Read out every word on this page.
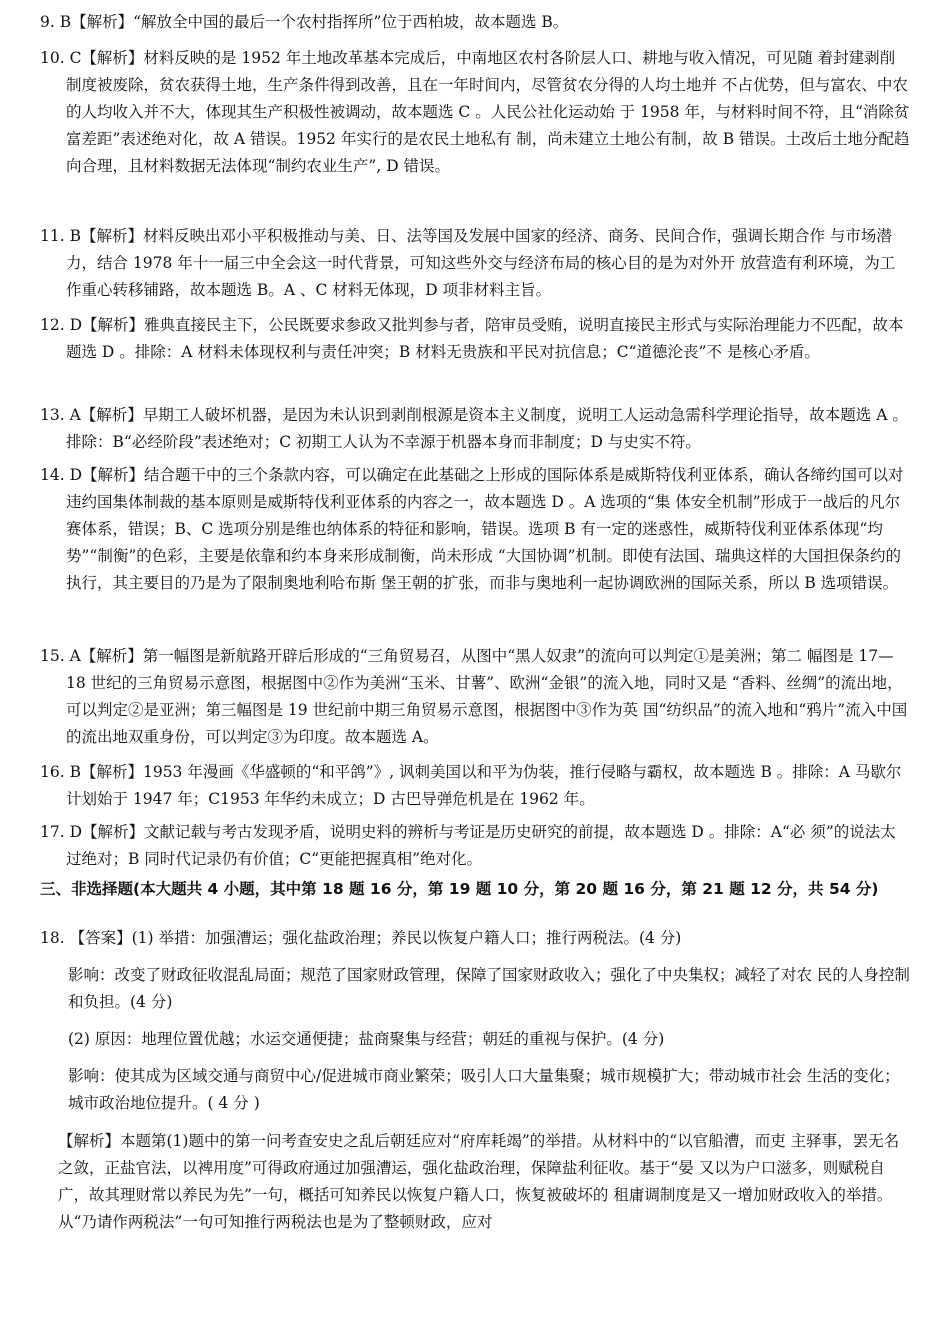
9. B【解析】“解放全中国的最后一个农村指挥所”位于西柏坡，故本题选 B。

10. C【解析】材料反映的是 1952 年土地改革基本完成后，中南地区农村各阶层人口、耕地与收入情况，可见随 着封建剥削制度被废除，贫农获得土地，生产条件得到改善，且在一年时间内，尽管贫农分得的人均土地并 不占优势，但与富农、中农的人均收入并不大，体现其生产积极性被调动，故本题选 C 。人民公社化运动始 于 1958 年，与材料时间不符，且“消除贫富差距”表述绝对化，故 A 错误。1952 年实行的是农民土地私有 制，尚未建立土地公有制，故 B 错误。土改后土地分配趋向合理，且材料数据无法体现“制约农业生产”, D 错误。

11. B【解析】材料反映出邓小平积极推动与美、日、法等国及发展中国家的经济、商务、民间合作，强调长期合作 与市场潜力，结合 1978 年十一届三中全会这一时代背景，可知这些外交与经济布局的核心目的是为对外开 放营造有利环境，为工作重心转移铺路，故本题选 B。A 、C 材料无体现，D 项非材料主旨。

12. D【解析】雅典直接民主下，公民既要求参政又批判参与者，陪审员受贿，说明直接民主形式与实际治理能力不匹配，故本题选 D 。排除：A 材料未体现权利与责任冲突；B 材料无贵族和平民对抗信息；C“道德沦丧”不 是核心矛盾。

13. A【解析】早期工人破坏机器，是因为未认识到剥削根源是资本主义制度，说明工人运动急需科学理论指导，故本题选 A 。排除：B“必经阶段”表述绝对；C 初期工人认为不幸源于机器本身而非制度；D 与史实不符。

14. D【解析】结合题干中的三个条款内容，可以确定在此基础之上形成的国际体系是威斯特伐利亚体系，确认各缔约国可以对违约国集体制裁的基本原则是威斯特伐利亚体系的内容之一，故本题选 D 。A 选项的“集 体安全机制”形成于一战后的凡尔赛体系，错误；B、C 选项分别是维也纳体系的特征和影响，错误。选项 B 有一定的迷惑性，威斯特伐利亚体系体现“均势”“制衡”的色彩，主要是依靠和约本身来形成制衡，尚未形成 “大国协调”机制。即使有法国、瑞典这样的大国担保条约的执行，其主要目的乃是为了限制奥地利哈布斯 堡王朝的扩张，而非与奥地利一起协调欧洲的国际关系，所以 B 选项错误。

15. A【解析】第一幅图是新航路开辟后形成的“三角贸易召，从图中“黑人奴隶”的流向可以判定①是美洲；第二 幅图是 17—18 世纪的三角贸易示意图，根据图中②作为美洲“玉米、甘薯”、欧洲“金银”的流入地，同时又是 “香料、丝绸”的流出地，可以判定②是亚洲；第三幅图是 19 世纪前中期三角贸易示意图，根据图中③作为英 国“纺织品”的流入地和“鸦片”流入中国的流出地双重身份，可以判定③为印度。故本题选 A。

16. B【解析】1953 年漫画《华盛顿的“和平鸽”》, 讽刺美国以和平为伪装，推行侵略与霸权，故本题选 B 。排除：A 马歇尔计划始于 1947 年；C1953 年华约未成立；D 古巴导弹危机是在 1962 年。

17. D【解析】文献记载与考古发现矛盾，说明史料的辨析与考证是历史研究的前提，故本题选 D 。排除：A“必 须”的说法太过绝对；B 同时代记录仍有价值；C“更能把握真相”绝对化。

三、非选择题(本大题共 4 小题，其中第 18 题 16 分，第 19 题 10 分，第 20 题 16 分，第 21 题 12 分，共 54 分)

18. 【答案】(1) 举措：加强漕运；强化盐政治理；养民以恢复户籍人口；推行两税法。(4 分)

影响：改变了财政征收混乱局面；规范了国家财政管理，保障了国家财政收入；强化了中央集权；减轻了对农 民的人身控制和负担。(4 分)

(2) 原因：地理位置优越；水运交通便捷；盐商聚集与经营；朝廷的重视与保护。(4 分)

影响：使其成为区域交通与商贸中心/促进城市商业繁荣；吸引人口大量集聚；城市规模扩大；带动城市社会 生活的变化；城市政治地位提升。( 4 分 )

【解析】本题第(1)题中的第一问考查安史之乱后朝廷应对“府库耗竭”的举措。从材料中的“以官船漕，而吏 主驿事，罢无名之敛，正盐官法，以裨用度”可得政府通过加强漕运，强化盐政治理，保障盐利征收。基于“晏 又以为户口滋多，则赋税自广，故其理财常以养民为先”一句，概括可知养民以恢复户籍人口，恢复被破坏的 租庸调制度是又一增加财政收入的举措。从“乃请作两税法”一句可知推行两税法也是为了整顿财政，应对
